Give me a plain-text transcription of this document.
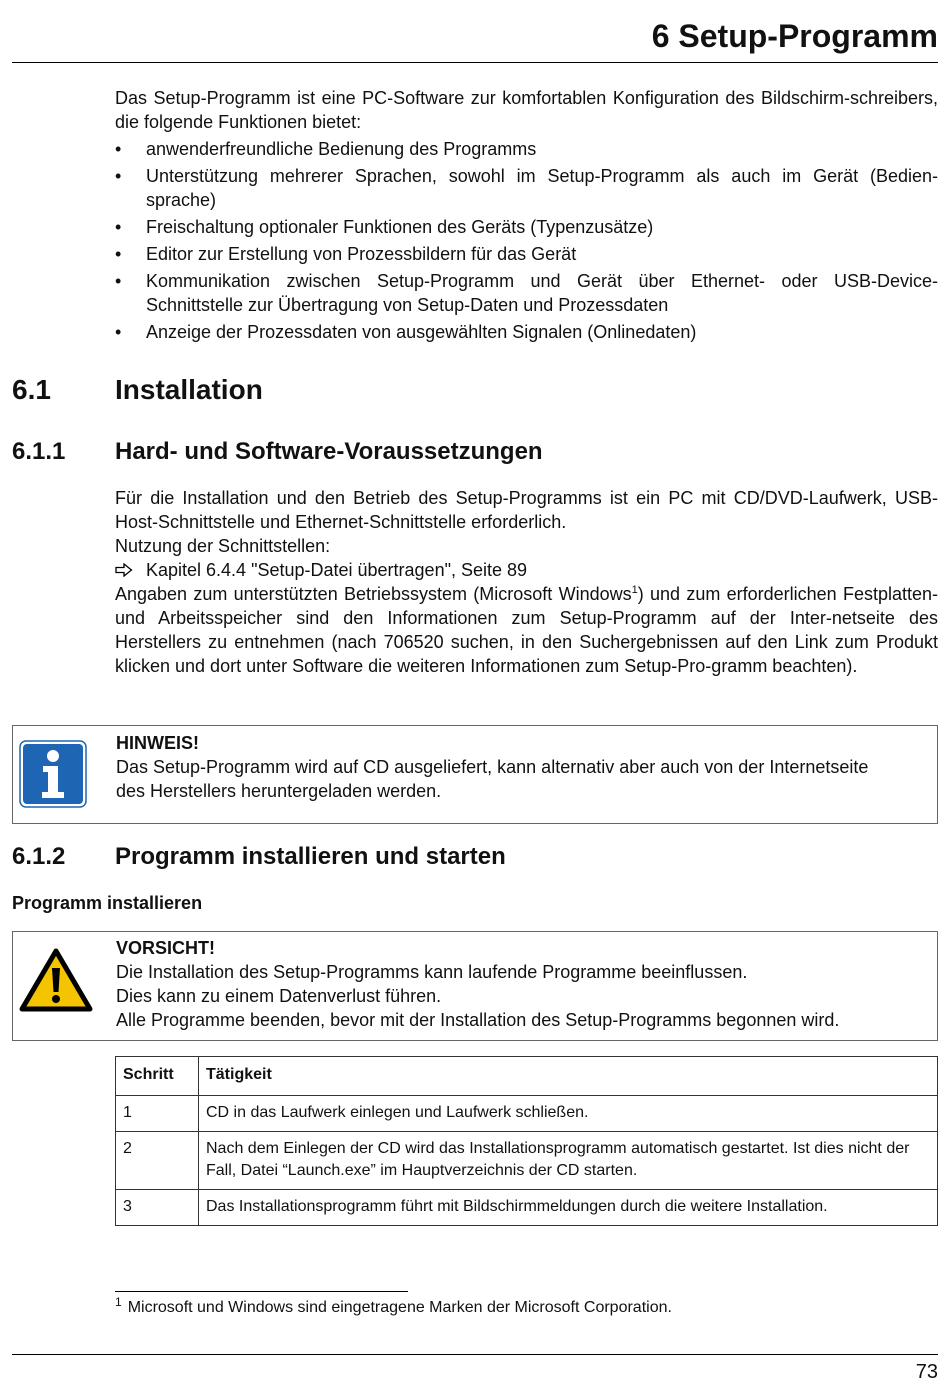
6 Setup-Programm

Das Setup-Programm ist eine PC-Software zur komfortablen Konfiguration des Bildschirm-schreibers, die folgende Funktionen bietet:

• anwenderfreundliche Bedienung des Programms
• Unterstützung mehrerer Sprachen, sowohl im Setup-Programm als auch im Gerät (Bedien-sprache)
• Freischaltung optionaler Funktionen des Geräts (Typenzusätze)
• Editor zur Erstellung von Prozessbildern für das Gerät
• Kommunikation zwischen Setup-Programm und Gerät über Ethernet- oder USB-Device-Schnittstelle zur Übertragung von Setup-Daten und Prozessdaten
• Anzeige der Prozessdaten von ausgewählten Signalen (Onlinedaten)
6.1 Installation
6.1.1 Hard- und Software-Voraussetzungen

Für die Installation und den Betrieb des Setup-Programms ist ein PC mit CD/DVD-Laufwerk, USB-Host-Schnittstelle und Ethernet-Schnittstelle erforderlich.

Nutzung der Schnittstellen:

Kapitel 6.4.4 "Setup-Datei übertragen", Seite 89

Angaben zum unterstützten Betriebssystem (Microsoft Windows$^1$) und zum erforderlichen Festplatten- und Arbeitsspeicher sind den Informationen zum Setup-Programm auf der Inter-netseite des Herstellers zu entnehmen (nach 706520 suchen, in den Suchergebnissen auf den Link zum Produkt klicken und dort unter Software die weiteren Informationen zum Setup-Pro-gramm beachten).

HINWEIS!
Das Setup-Programm wird auf CD ausgeliefert, kann alternativ aber auch von der Internetseite
des Herstellers heruntergeladen werden.
6.1.2 Programm installieren und starten
Programm installieren
VORSICHT!
Die Installation des Setup-Programms kann laufende Programme beeinflussen.
Dies kann zu einem Datenverlust führen.
Alle Programme beenden, bevor mit der Installation des Setup-Programms begonnen wird.
Schritt	Tätigkeit
1	CD in das Laufwerk einlegen und Laufwerk schließen.
2	Nach dem Einlegen der CD wird das Installationsprogramm automatisch gestartet. Ist dies nicht der Fall, Datei “Launch.exe” im Hauptverzeichnis der CD starten.
3	Das Installationsprogramm führt mit Bildschirmmeldungen durch die weitere Installation.
$^1$ Microsoft und Windows sind eingetragene Marken der Microsoft Corporation.
73
